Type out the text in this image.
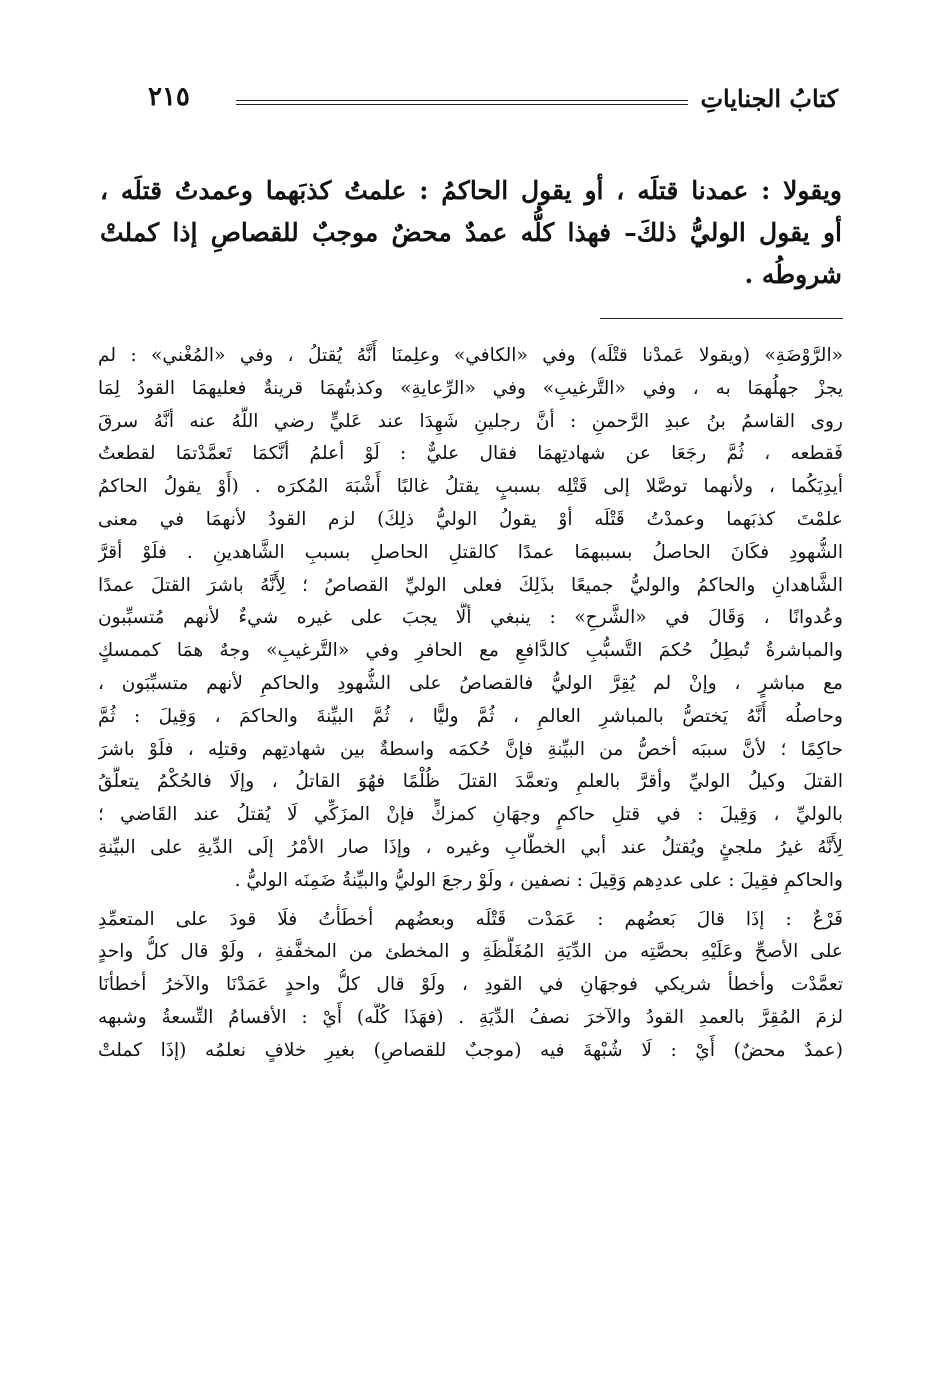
كتابُ الجناياتِ
٢١٥
ويقولا : عمدنا قتلَه ، أو يقول الحاكمُ : علمتُ كذبَهما وعمدتُ قتلَه ،
أو يقول الوليُّ ذلكَ– فهذا كلُّه عمدٌ محضٌ موجبٌ للقصاصِ إذا كملتْ
شروطُه .
«الرَّوْضَةِ» (ويقولا عَمدْنا قتْلَه) وفي «الكافي» وعلِمنَا أَنَّهُ يُقتلُ ، وفي «المُغْني» : لم
يجزْ جهلُهمَا به ، وفي «التَّرغيبِ» وفي «الرِّعايةِ» وكذبتُهمَا قرينةٌ فعليهمَا القودُ لِمَا
روى القاسمُ بنُ عبدِ الرَّحمنِ : أنَّ رجلينِ شَهِدَا عند عَليٍّ رضي اللَّهُ عنه أنَّهُ سرقَ
فَقطعه ، ثُمَّ رجَعَا عن شهادتِهمَا فقال عليٌّ : لَوْ أعلمُ أنَّكمَا تَعمَّدْتمَا لقطعتُ
أيدِيَكُما ، ولأنهما توصَّلا إلى قَتْلِه بسببٍ يقتلُ غالبًا أَشْبَهَ المُكرَه . (أَوْ يقولُ الحاكمُ
علمْتَ كذبَهما وعمدْتُ قَتْلَه أوْ يقولُ الوليُّ ذلِكَ) لزم القودُ لأنهمَا في معنى
الشُّهودِ فكَانَ الحاصلُ بسببهمَا عمدًا كالقتلِ الحاصلِ بسببِ الشَّاهدينِ . فلَوْ أقرَّ
الشَّاهدانِ والحاكمُ والوليُّ جميعًا بذَلِكَ فعلى الوليِّ القصاصُ ؛ لِأَنَّهُ باشرَ القتلَ عمدًا
وعُدوانًا ، وَقَالَ في «الشَّرحِ» : ينبغي ألَّا يجبَ على غيره شيءٌ لأنهم مُتسبِّبون
والمباشرةُ تُبطِلُ حُكمَ التَّسبُّبِ كالدَّافعِ مع الحافرِ وفي «التَّرغيبِ» وجهٌ همَا كممسكٍ
مع مباشرٍ ، وإنْ لم يُقِرَّ الوليُّ فالقصاصُ على الشُّهودِ والحاكمِ لأنهم متسبِّبَون ،
وحاصلُه أَنَّهُ يَختصُّ بالمباشرِ العالمِ ، ثُمَّ وليًّا ، ثُمَّ البيِّنةَ والحاكمَ ، وَقِيلَ : ثُمَّ
حاكِمًا ؛ لأنَّ سببَه أخصُّ من البيِّنةِ فإنَّ حُكمَه واسطةٌ بين شهادتِهم وقتلِه ، فلَوْ باشرَ
القتلَ وكيلُ الوليِّ وأقرَّ بالعلمِ وتعمَّدَ القتلَ ظُلْمًا فهُوَ القاتلُ ، وإلَا فالحُكْمُ يتعلَّقُ
بالوليِّ ، وَقِيلَ : في قتلِ حاكمٍ وجهَانِ كمزكٍّ فإنْ المزَكِّي لَا يُقتلُ عند القَاضي ؛
لِأَنَّهُ غيرُ ملجئٍ ويُقتلُ عند أبي الخطَّابِ وغيره ، وإذَا صار الأمْرُ إلَى الدِّيةِ على البيِّنةِ
والحاكمِ فقِيلَ : على عددِهم وَقِيلَ : نصفين ، ولَوْ رجعَ الوليُّ والبيِّنةُ ضَمِنَه الوليُّ .
فَرْعٌ : إذَا قالَ بَعضُهم : عَمَدْت قَتْلَه وبعضُهم أخطَأْتُ فلَا قودَ على المتعمِّدِ
على الأصحِّ وعَلَيْهِ بحصَّتِه من الدِّيَةِ المُغَلَّظَةِ و المخطئ من المخفَّفةِ ، ولَوْ قال كلُّ واحدٍ
تعمَّدْت وأخطأ شريكي فوجهَانِ في القودِ ، ولَوْ قال كلُّ واحدٍ عَمَدْنَا والآخرُ أخطأنَا
لزمَ المُقِرَّ بالعمدِ القودُ والآخرَ نصفُ الدِّيَةِ . (فهَذَا كُلُّه) أَيْ : الأقسامُ التِّسعةُ وشبهه
(عمدٌ محضٌ) أَيْ : لَا شُبْهةَ فيه (موجبٌ للقصاصِ) بغيرِ خلافٍ نعلمُه (إذَا كملتْ
